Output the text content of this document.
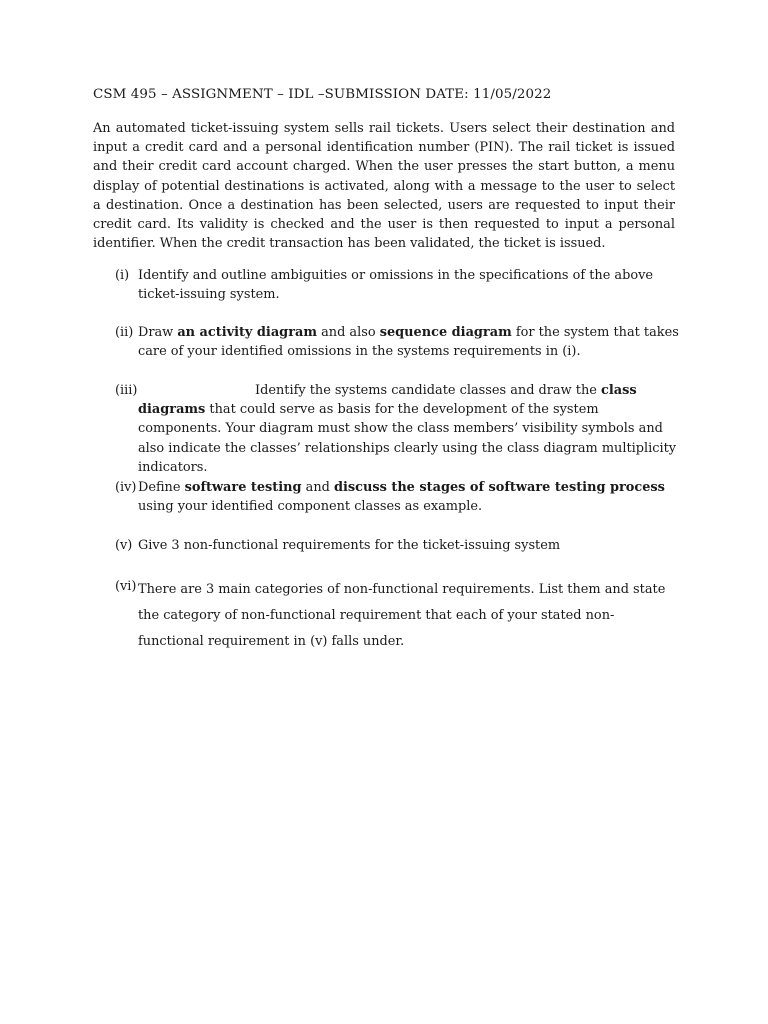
CSM 495 – ASSIGNMENT – IDL –SUBMISSION DATE: 11/05/2022
An automated ticket-issuing system sells rail tickets. Users select their destination and input a credit card and a personal identification number (PIN). The rail ticket is issued and their credit card account charged. When the user presses the start button, a menu display of potential destinations is activated, along with a message to the user to select a destination. Once a destination has been selected, users are requested to input their credit card. Its validity is checked and the user is then requested to input a personal identifier. When the credit transaction has been validated, the ticket is issued.
(i) Identify and outline ambiguities or omissions in the specifications of the above ticket-issuing system.
(ii) Draw an activity diagram and also sequence diagram for the system that takes care of your identified omissions in the systems requirements in (i).
(iii)	Identify the systems candidate classes and draw the class diagrams that could serve as basis for the development of the system components. Your diagram must show the class members’ visibility symbols and also indicate the classes’ relationships clearly using the class diagram multiplicity indicators.
(iv) Define software testing and discuss the stages of software testing process using your identified component classes as example.
(v) Give 3 non-functional requirements for the ticket-issuing system
(vi) There are 3 main categories of non-functional requirements. List them and state the category of non-functional requirement that each of your stated non-functional requirement in (v) falls under.
